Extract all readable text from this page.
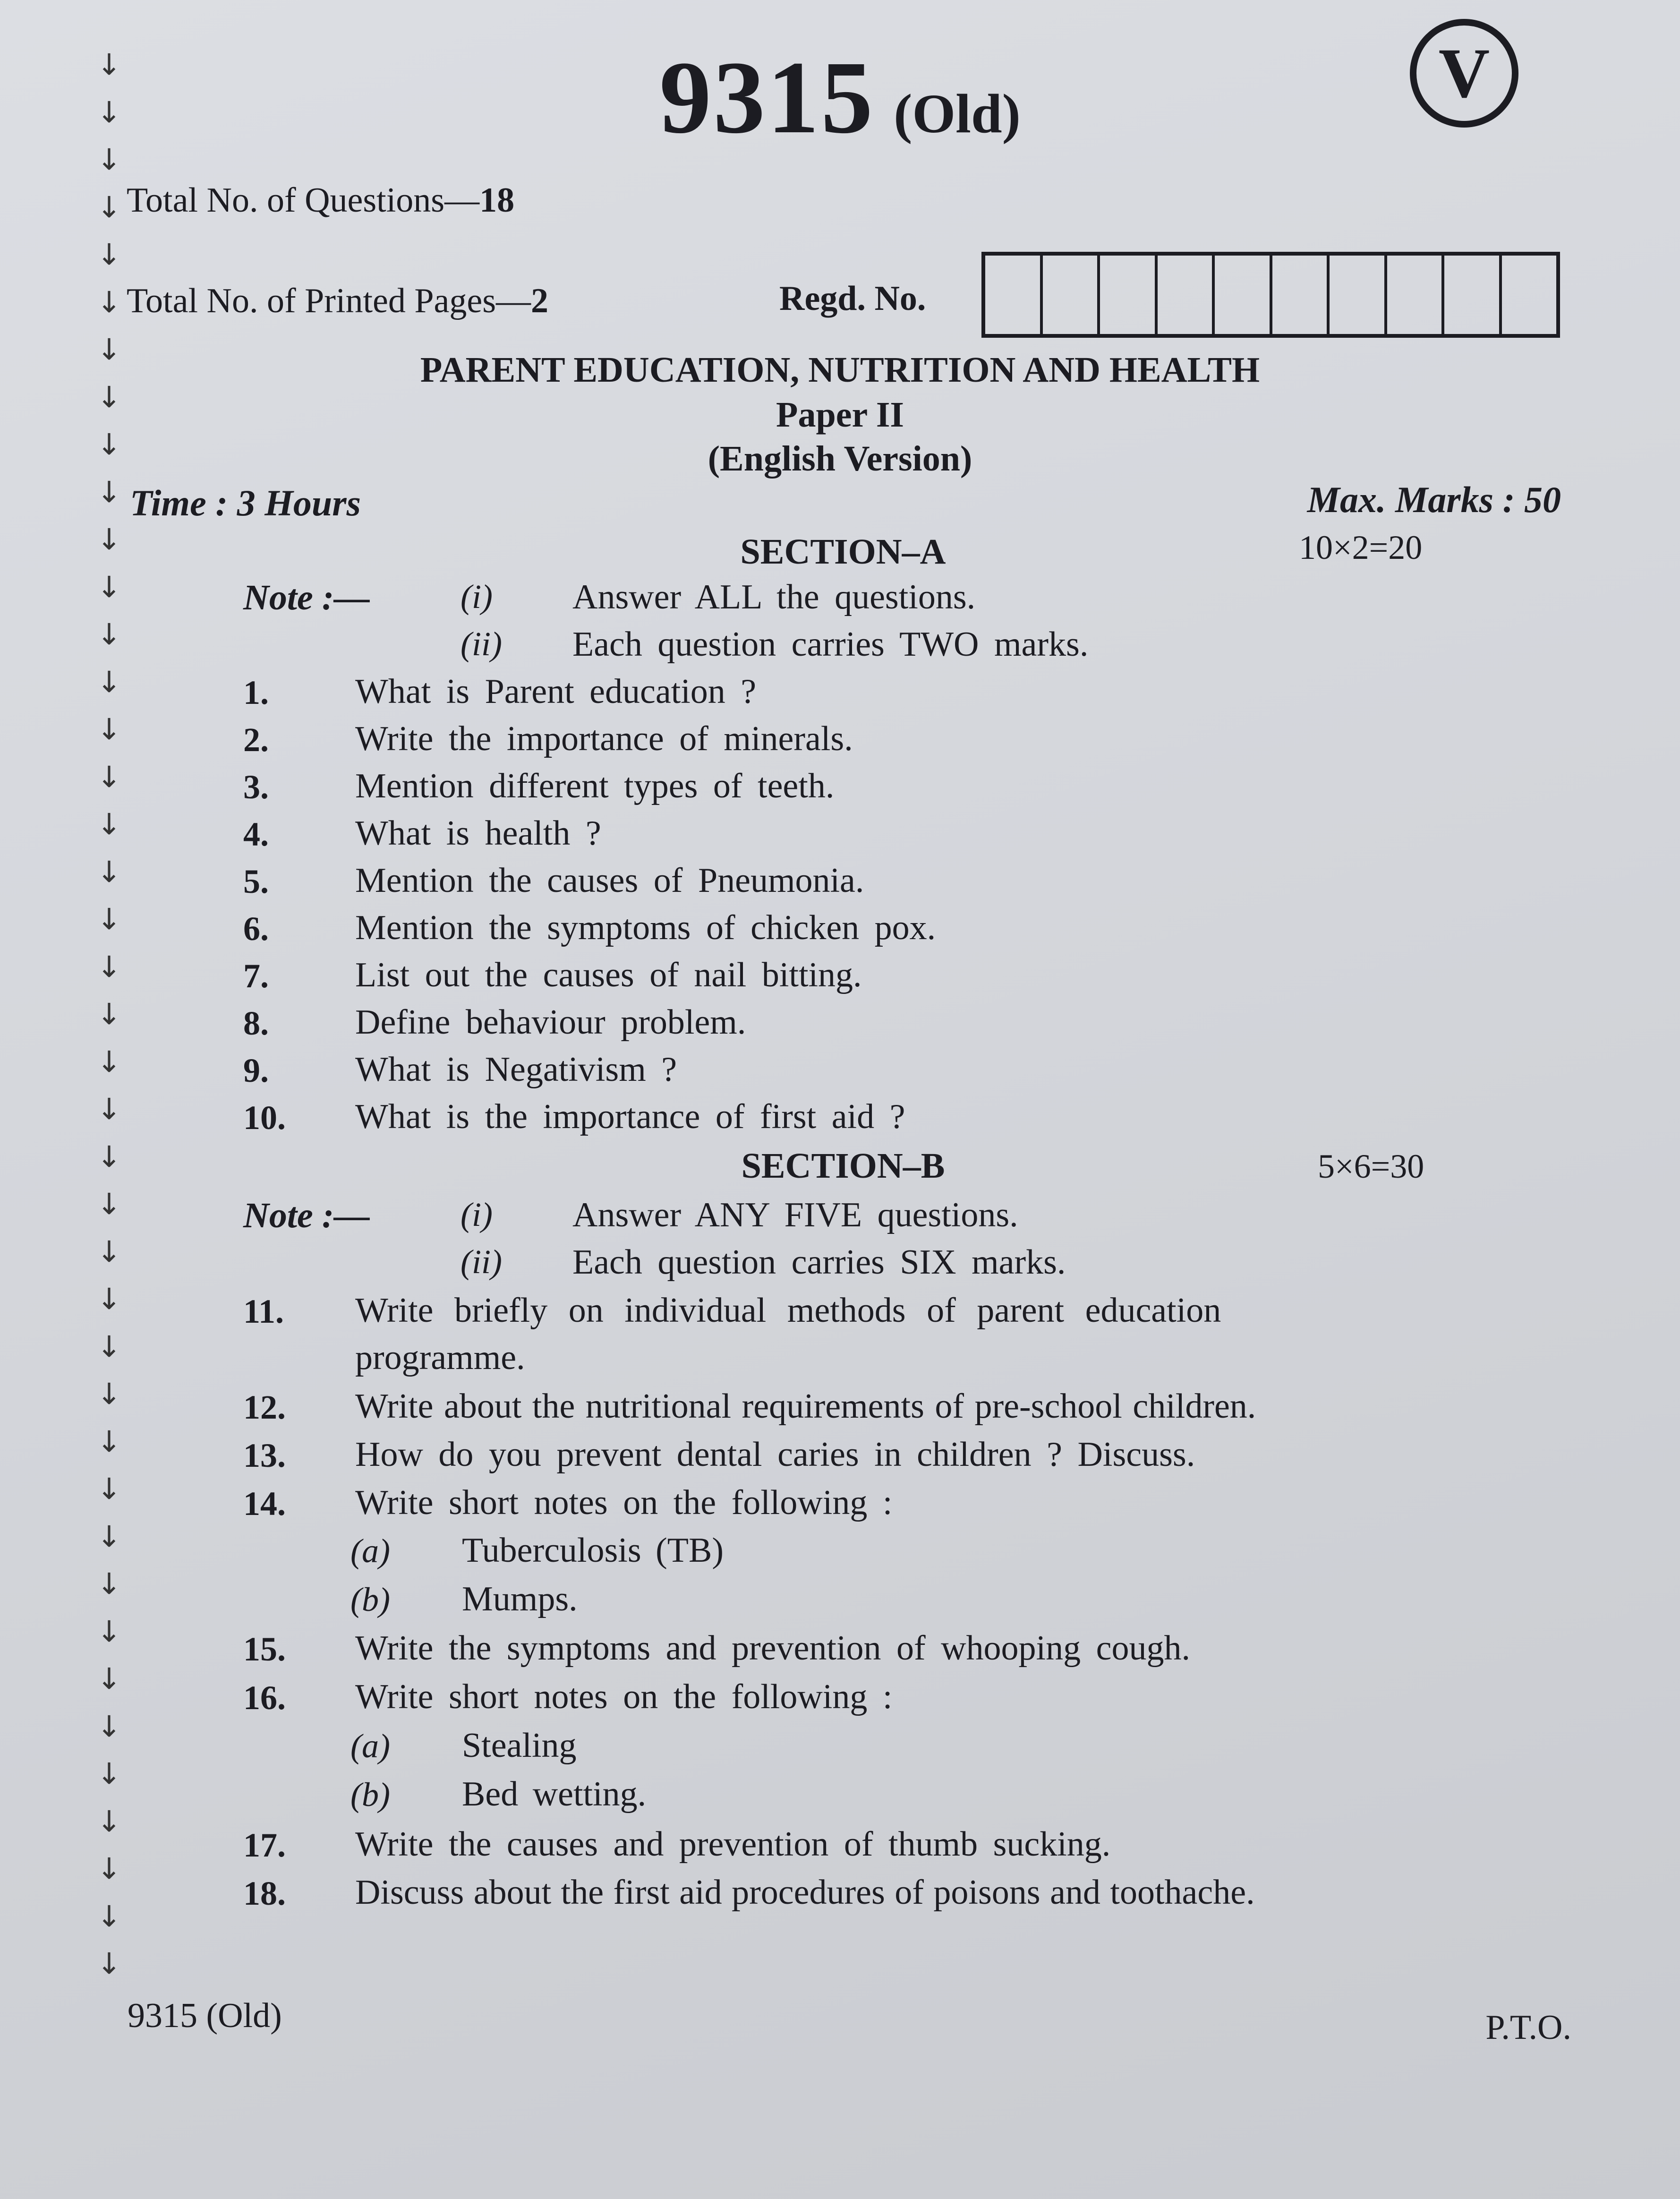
↓
↓
↓
↓
↓
↓
↓
↓
↓
↓
↓
↓
↓
↓
↓
↓
↓
↓
↓
↓
↓
↓
↓
↓
↓
↓
↓
↓
↓
↓
↓
↓
↓
↓
↓
↓
↓
↓
↓
↓
↓
9315 (Old)
V
Total No. of Questions—18
Total No. of Printed Pages—2	Regd. No.
PARENT EDUCATION, NUTRITION AND HEALTH
Paper II
(English Version)
Time : 3 Hours	Max. Marks : 50
SECTION–A	10×2=20
Note :—	(i) Answer ALL the questions.
(ii) Each question carries TWO marks.
1. What is Parent education ?
2. Write the importance of minerals.
3. Mention different types of teeth.
4. What is health ?
5. Mention the causes of Pneumonia.
6. Mention the symptoms of chicken pox.
7. List out the causes of nail bitting.
8. Define behaviour problem.
9. What is Negativism ?
10. What is the importance of first aid ?
SECTION–B	5×6=30
Note :—	(i) Answer ANY FIVE questions.
(ii) Each question carries SIX marks.
11. Write briefly on individual methods of parent education
programme.
12. Write about the nutritional requirements of pre-school children.
13. How do you prevent dental caries in children ? Discuss.
14. Write short notes on the following :
(a) Tuberculosis (TB)
(b) Mumps.
15. Write the symptoms and prevention of whooping cough.
16. Write short notes on the following :
(a) Stealing
(b) Bed wetting.
17. Write the causes and prevention of thumb sucking.
18. Discuss about the first aid procedures of poisons and toothache.
9315 (Old)	P.T.O.
